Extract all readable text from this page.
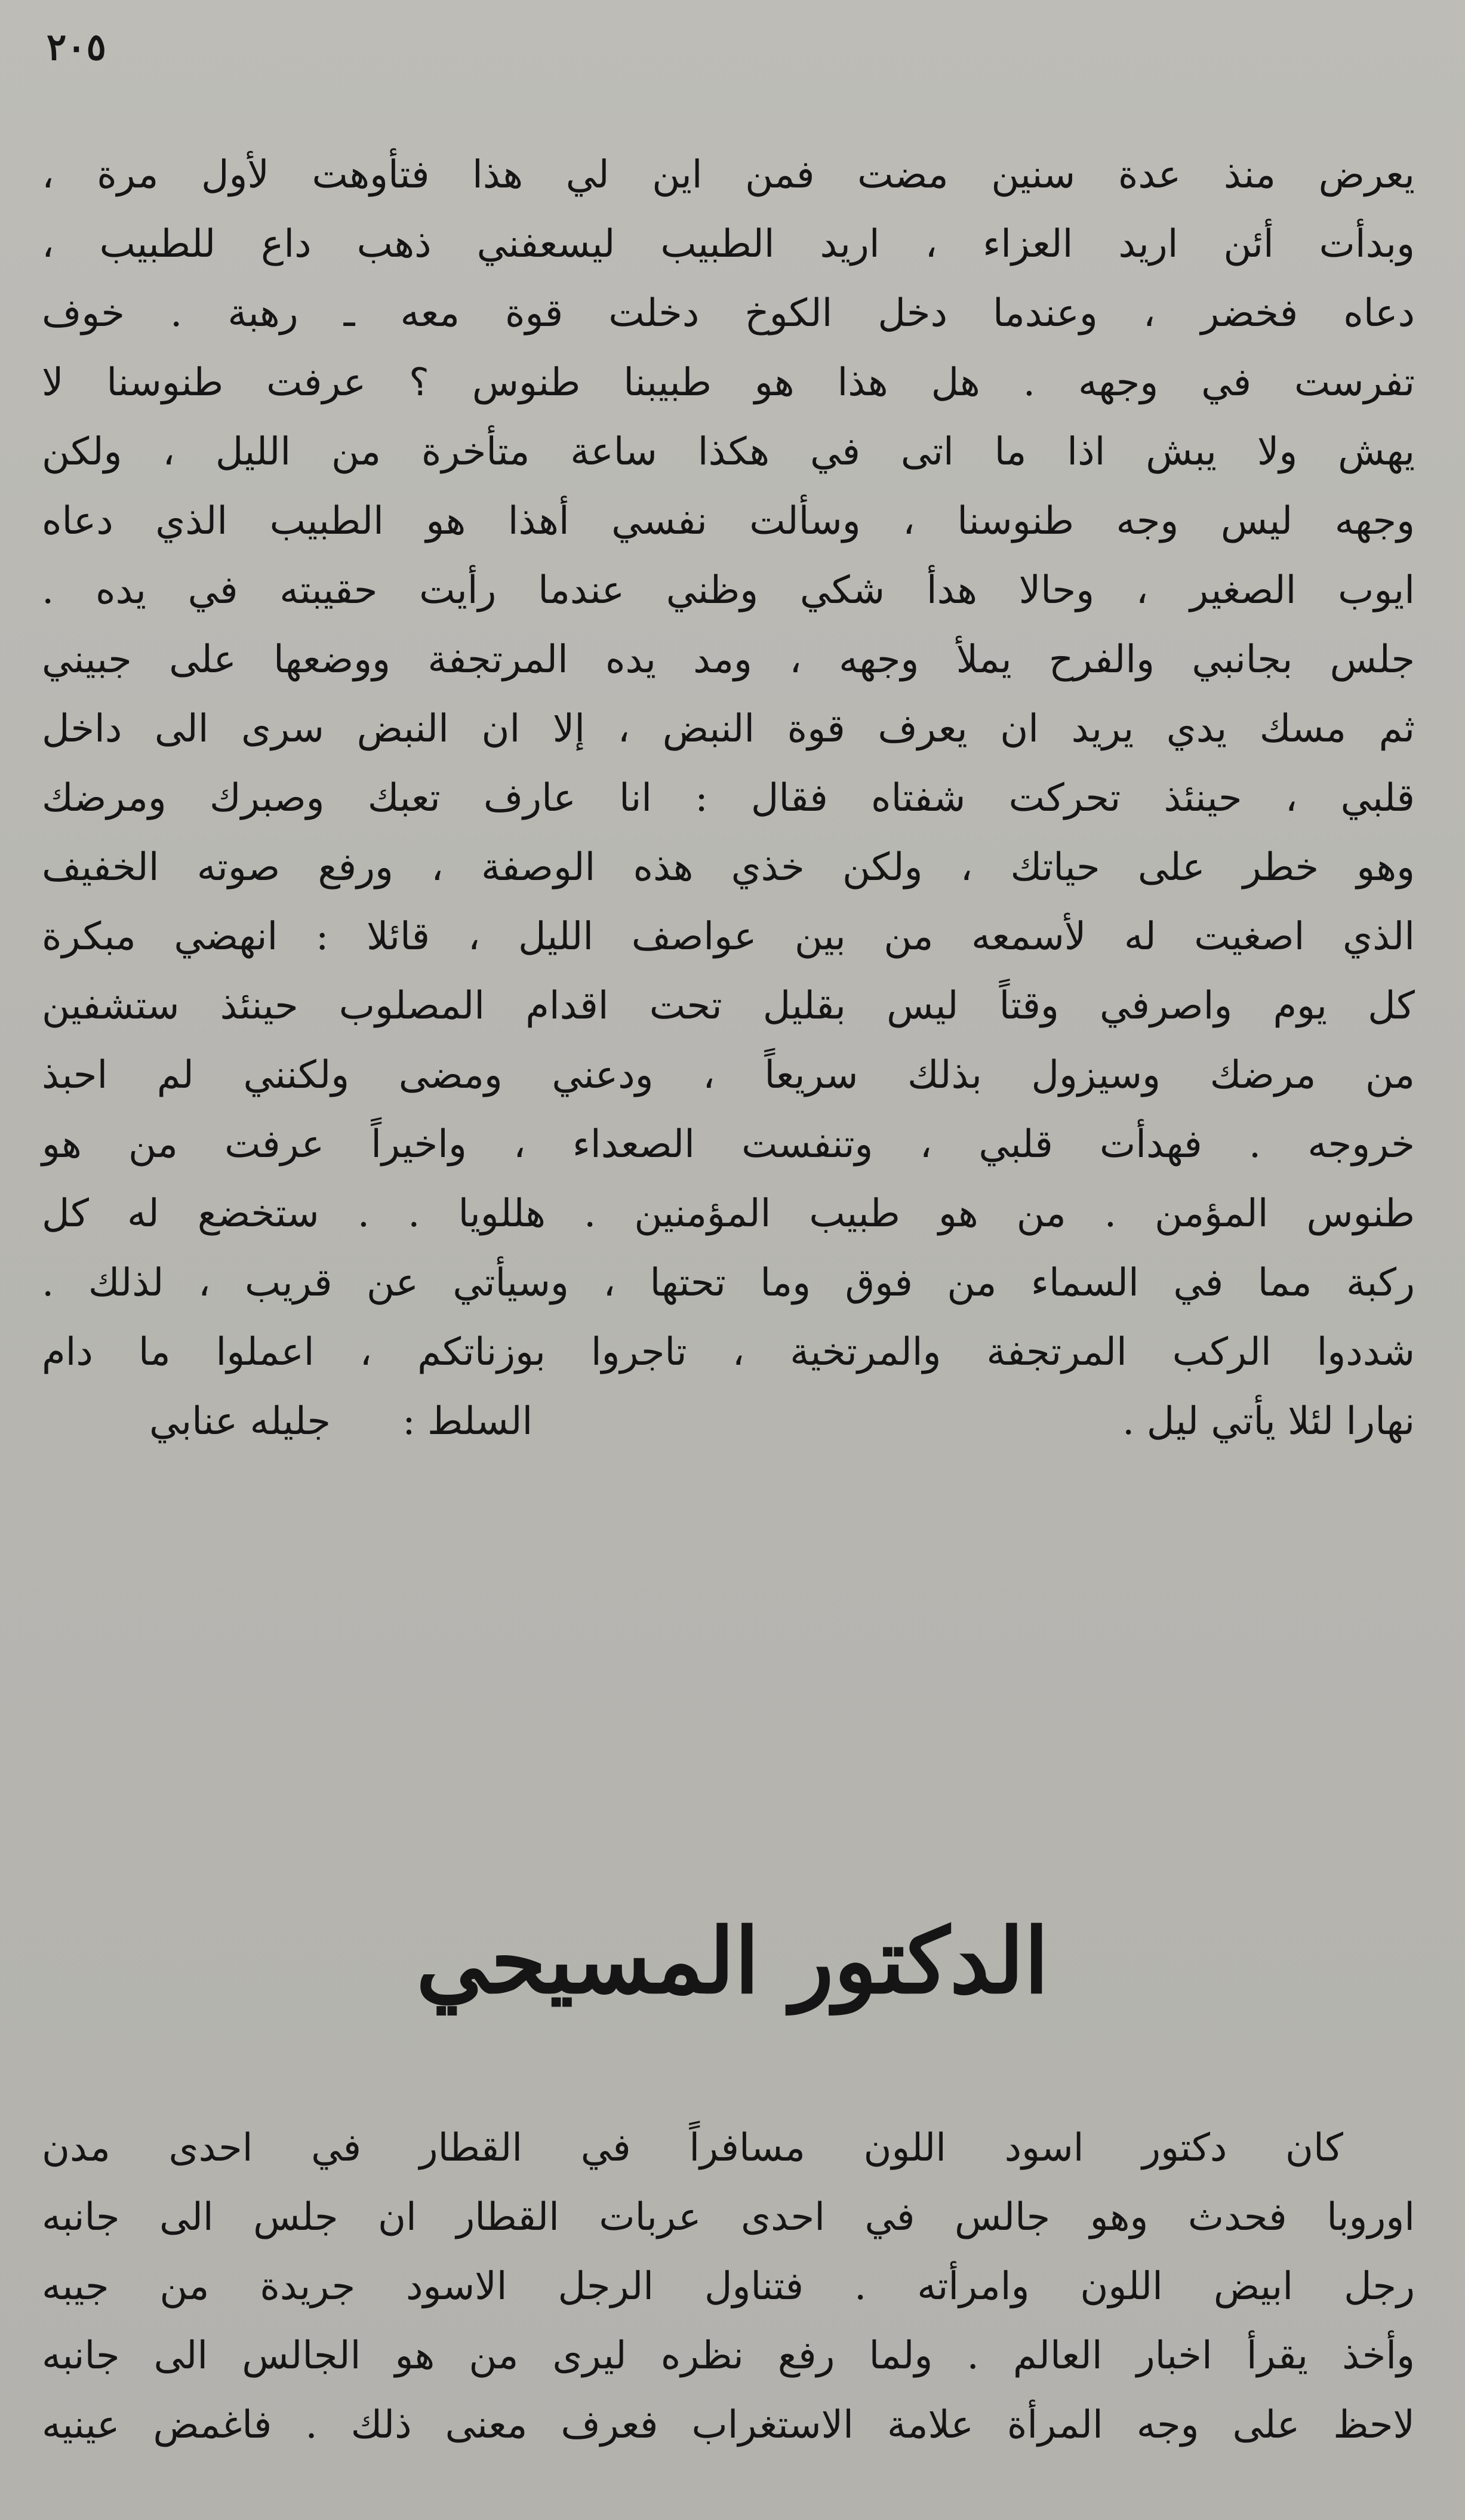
٢٠٥
يعرض منذ عدة سنين مضت فمن اين لي هذا فتأوهت لأول مرة ،
وبدأت أئن اريد العزاء ، اريد الطبيب ليسعفني ذهب داع للطبيب ،
دعاه فخضر ، وعندما دخل الكوخ دخلت قوة معه ـ رهبة . خوف
تفرست في وجهه . هل هذا هو طبيبنا طنوس ؟ عرفت طنوسنا لا
يهش ولا يبش اذا ما اتى في هكذا ساعة متأخرة من الليل ، ولكن
وجهه ليس وجه طنوسنا ، وسألت نفسي أهذا هو الطبيب الذي دعاه
ايوب الصغير ، وحالا هدأ شكي وظني عندما رأيت حقيبته في يده .
جلس بجانبي والفرح يملأ وجهه ، ومد يده المرتجفة ووضعها على جبيني
ثم مسك يدي يريد ان يعرف قوة النبض ، إلا ان النبض سرى الى داخل
قلبي ، حينئذ تحركت شفتاه فقال : انا عارف تعبك وصبرك ومرضك
وهو خطر على حياتك ، ولكن خذي هذه الوصفة ، ورفع صوته الخفيف
الذي اصغيت له لأسمعه من بين عواصف الليل ، قائلا : انهضي مبكرة
كل يوم واصرفي وقتاً ليس بقليل تحت اقدام المصلوب حينئذ ستشفين
من مرضك وسيزول بذلك سريعاً ، ودعني ومضى ولكنني لم احبذ
خروجه . فهدأت قلبي ، وتنفست الصعداء ، واخيراً عرفت من هو
طنوس المؤمن . من هو طبيب المؤمنين . هللويا . . ستخضع له كل
ركبة مما في السماء من فوق وما تحتها ، وسيأتي عن قريب ، لذلك .
شددوا الركب المرتجفة والمرتخية ، تاجروا بوزناتكم ، اعملوا ما دام
نهارا لئلا يأتي ليل .
السلط :
جليله عنابي
الدكتور المسيحي
كان دكتور اسود اللون مسافراً في القطار في احدى مدن
اوروبا فحدث وهو جالس في احدى عربات القطار ان جلس الى جانبه
رجل ابيض اللون وامرأته . فتناول الرجل الاسود جريدة من جيبه
وأخذ يقرأ اخبار العالم . ولما رفع نظره ليرى من هو الجالس الى جانبه
لاحظ على وجه المرأة علامة الاستغراب فعرف معنى ذلك . فاغمض عينيه
